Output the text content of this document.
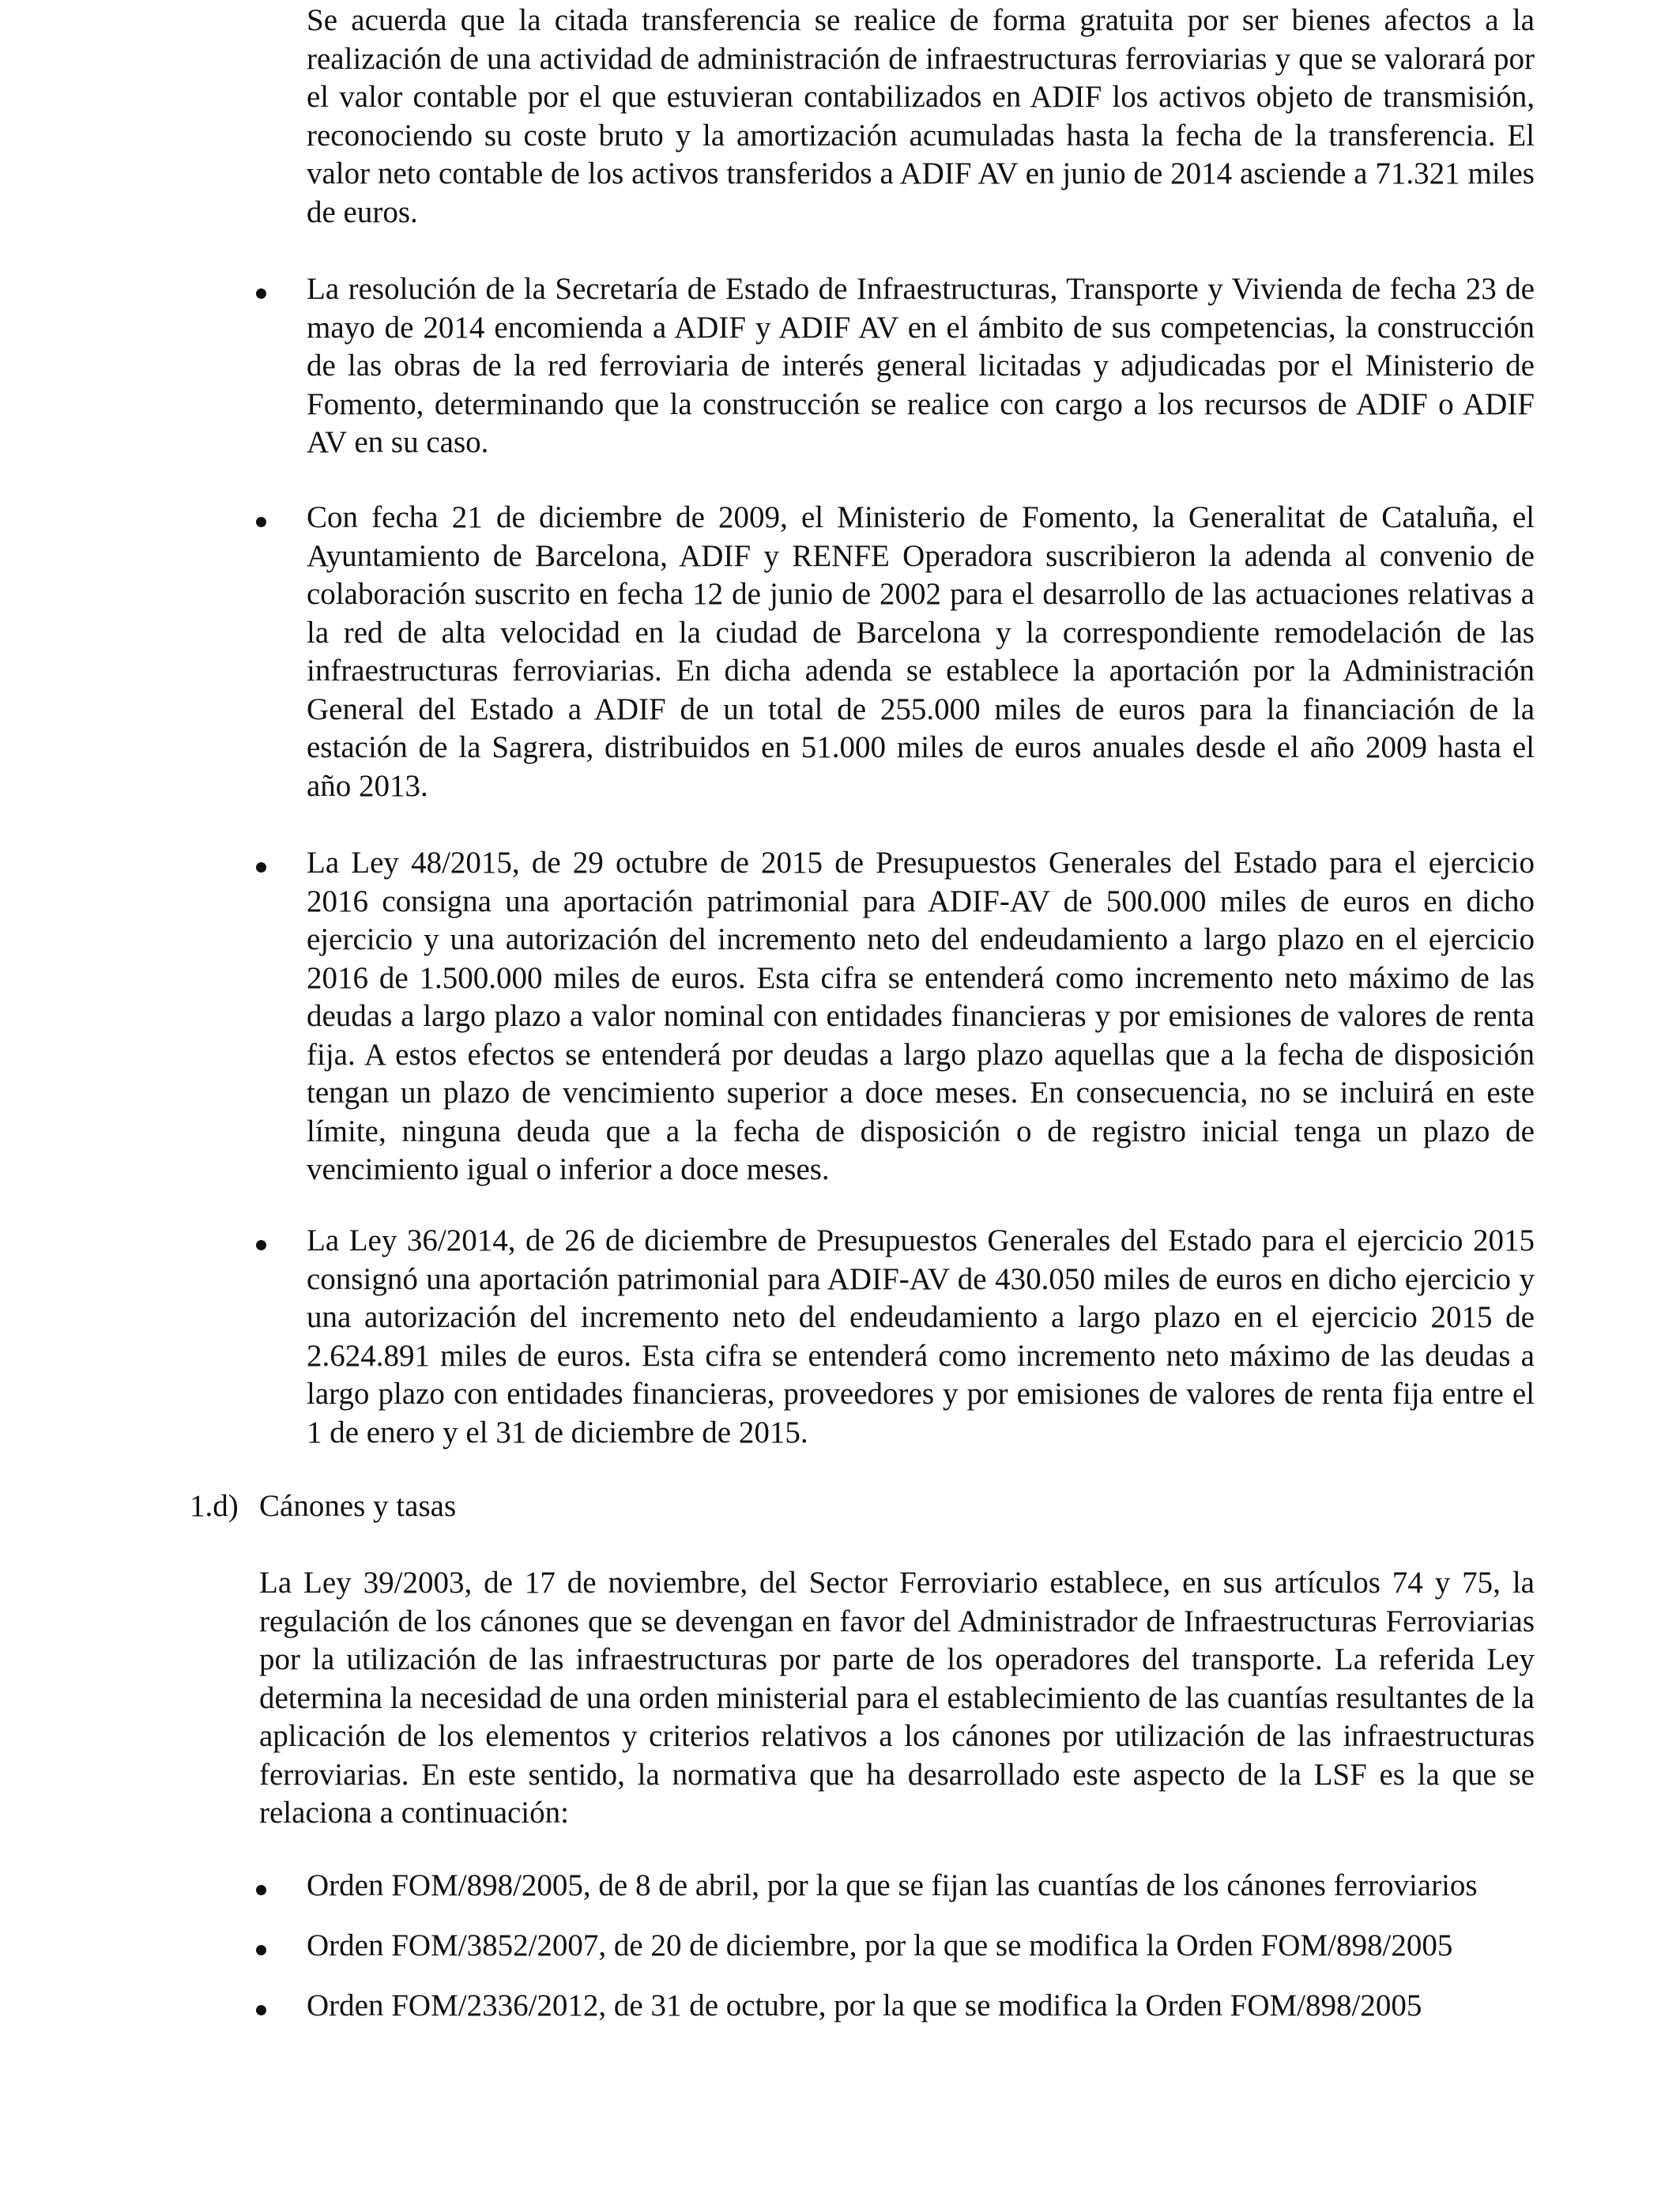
Se acuerda que la citada transferencia se realice de forma gratuita por ser bienes afectos a la realización de una actividad de administración de infraestructuras ferroviarias y que se valorará por el valor contable por el que estuvieran contabilizados en ADIF los activos objeto de transmisión, reconociendo su coste bruto y la amortización acumuladas hasta la fecha de la transferencia. El valor neto contable de los activos transferidos a ADIF AV en junio de 2014 asciende a 71.321 miles de euros.

La resolución de la Secretaría de Estado de Infraestructuras, Transporte y Vivienda de fecha 23 de mayo de 2014 encomienda a ADIF y ADIF AV en el ámbito de sus competencias, la construcción de las obras de la red ferroviaria de interés general licitadas y adjudicadas por el Ministerio de Fomento, determinando que la construcción se realice con cargo a los recursos de ADIF o ADIF AV en su caso.

Con fecha 21 de diciembre de 2009, el Ministerio de Fomento, la Generalitat de Cataluña, el Ayuntamiento de Barcelona, ADIF y RENFE Operadora suscribieron la adenda al convenio de colaboración suscrito en fecha 12 de junio de 2002 para el desarrollo de las actuaciones relativas a la red de alta velocidad en la ciudad de Barcelona y la correspondiente remodelación de las infraestructuras ferroviarias. En dicha adenda se establece la aportación por la Administración General del Estado a ADIF de un total de 255.000 miles de euros para la financiación de la estación de la Sagrera, distribuidos en 51.000 miles de euros anuales desde el año 2009 hasta el año 2013.

La Ley 48/2015, de 29 octubre de 2015 de Presupuestos Generales del Estado para el ejercicio 2016 consigna una aportación patrimonial para ADIF-AV de 500.000 miles de euros en dicho ejercicio y una autorización del incremento neto del endeudamiento a largo plazo en el ejercicio 2016 de 1.500.000 miles de euros. Esta cifra se entenderá como incremento neto máximo de las deudas a largo plazo a valor nominal con entidades financieras y por emisiones de valores de renta fija. A estos efectos se entenderá por deudas a largo plazo aquellas que a la fecha de disposición tengan un plazo de vencimiento superior a doce meses. En consecuencia, no se incluirá en este límite, ninguna deuda que a la fecha de disposición o de registro inicial tenga un plazo de vencimiento igual o inferior a doce meses.

La Ley 36/2014, de 26 de diciembre de Presupuestos Generales del Estado para el ejercicio 2015 consignó una aportación patrimonial para ADIF-AV de 430.050 miles de euros en dicho ejercicio y una autorización del incremento neto del endeudamiento a largo plazo en el ejercicio 2015 de 2.624.891 miles de euros. Esta cifra se entenderá como incremento neto máximo de las deudas a largo plazo con entidades financieras, proveedores y por emisiones de valores de renta fija entre el 1 de enero y el 31 de diciembre de 2015.

1.d) Cánones y tasas

La Ley 39/2003, de 17 de noviembre, del Sector Ferroviario establece, en sus artículos 74 y 75, la regulación de los cánones que se devengan en favor del Administrador de Infraestructuras Ferroviarias por la utilización de las infraestructuras por parte de los operadores del transporte. La referida Ley determina la necesidad de una orden ministerial para el establecimiento de las cuantías resultantes de la aplicación de los elementos y criterios relativos a los cánones por utilización de las infraestructuras ferroviarias. En este sentido, la normativa que ha desarrollado este aspecto de la LSF es la que se relaciona a continuación:

Orden FOM/898/2005, de 8 de abril, por la que se fijan las cuantías de los cánones ferroviarios
Orden FOM/3852/2007, de 20 de diciembre, por la que se modifica la Orden FOM/898/2005
Orden FOM/2336/2012, de 31 de octubre, por la que se modifica la Orden FOM/898/2005
